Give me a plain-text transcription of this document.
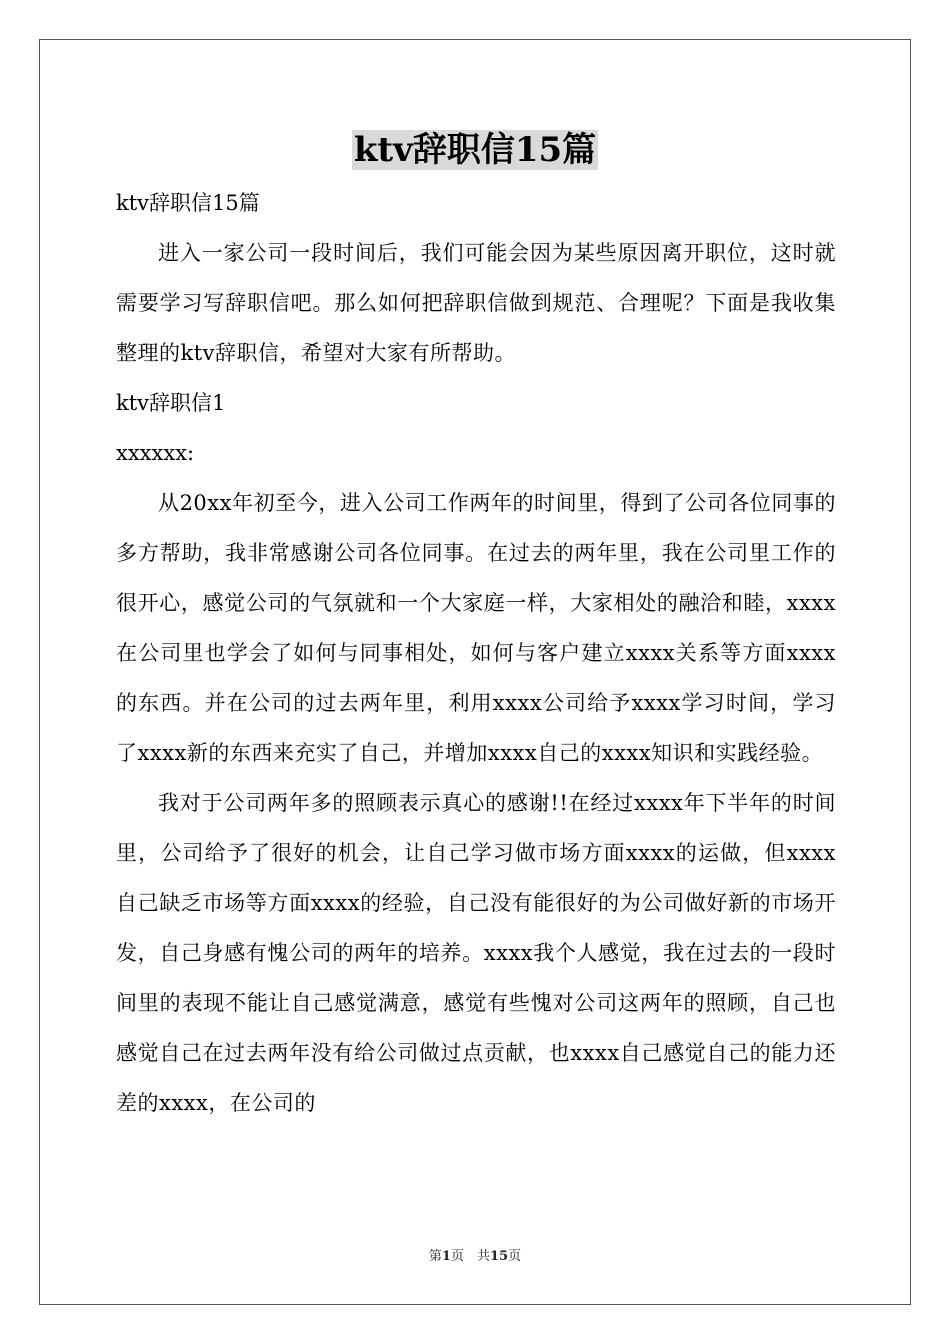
ktv辞职信15篇

ktv辞职信15篇

进入一家公司一段时间后，我们可能会因为某些原因离开职位，这时就需要学习写辞职信吧。那么如何把辞职信做到规范、合理呢？下面是我收集整理的ktv辞职信，希望对大家有所帮助。

ktv辞职信1

xxxxxx:

从20xx年初至今，进入公司工作两年的时间里，得到了公司各位同事的多方帮助，我非常感谢公司各位同事。在过去的两年里，我在公司里工作的很开心，感觉公司的气氛就和一个大家庭一样，大家相处的融洽和睦，xxxx在公司里也学会了如何与同事相处，如何与客户建立xxxx关系等方面xxxx的东西。并在公司的过去两年里，利用xxxx公司给予xxxx学习时间，学习了xxxx新的东西来充实了自己，并增加xxxx自己的xxxx知识和实践经验。

我对于公司两年多的照顾表示真心的感谢!!在经过xxxx年下半年的时间里，公司给予了很好的机会，让自己学习做市场方面xxxx的运做，但xxxx自己缺乏市场等方面xxxx的经验，自己没有能很好的为公司做好新的市场开发，自己身感有愧公司的两年的培养。xxxx我个人感觉，我在过去的一段时间里的表现不能让自己感觉满意，感觉有些愧对公司这两年的照顾，自己也感觉自己在过去两年没有给公司做过点贡献，也xxxx自己感觉自己的能力还差的xxxx，在公司的

第1页　共15页
